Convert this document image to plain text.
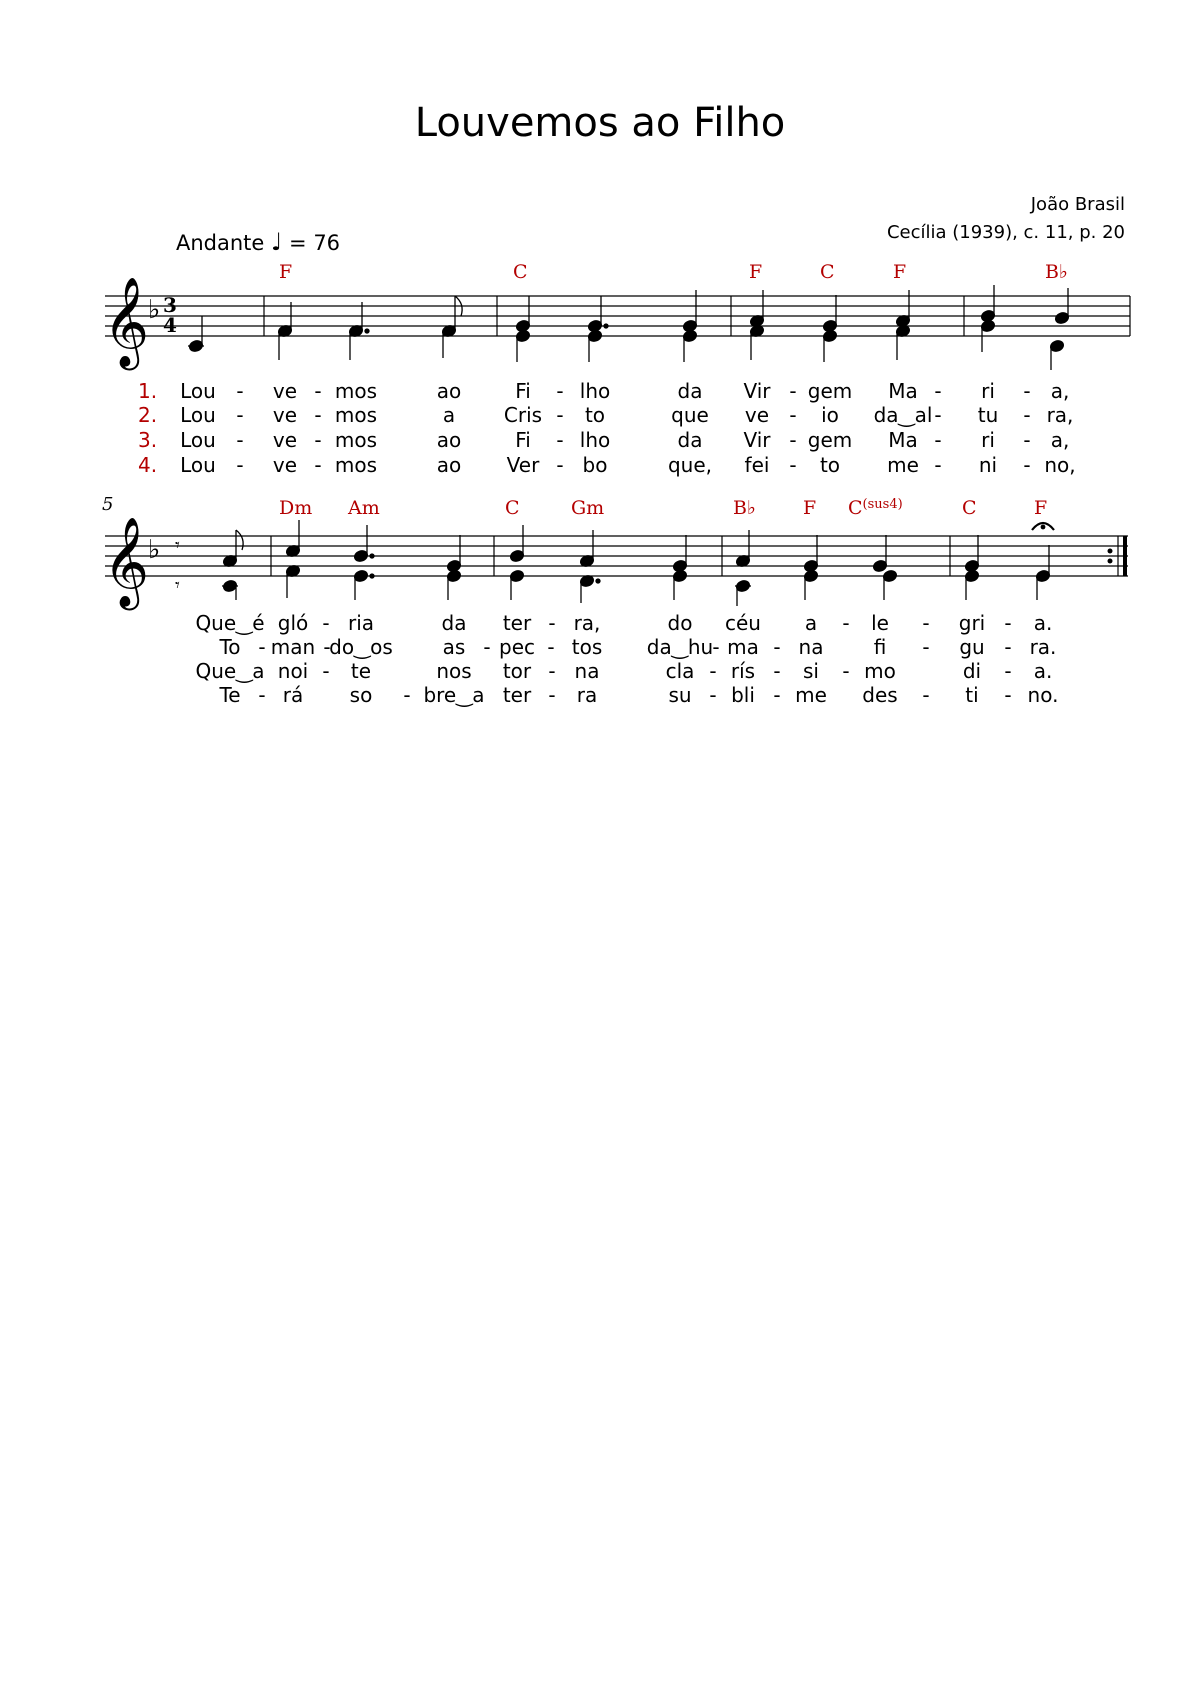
Louvemos ao Filho
João Brasil
Cecília (1939), c. 11, p. 20
Andante ♩ = 76
𝄞
♭ 3
4
F	C	F	C	F	B♭
1.
2.
3.
4.
Lou - ve - mos	ao	Fi - lho	da Vir - gem Ma - ri - a,
Lou - ve - mos	a Cris - to	que ve - io da‿al - tu - ra,
Lou - ve - mos	ao	Fi - lho	da Vir - gem Ma - ri - a,
Lou - ve - mos	ao Ver - bo	que, fei - to me - ni - no,
5
𝄞
♭ 𝄾
𝄾
Dm Am	C	Gm	B♭ F $C^{(sus4)}$	C	F
Que‿é gló - ria	da ter - ra,	do céu a - le - gri - a.
To - man -
do‿os as - pec - tos da‿hu - ma - na	fi - gu - ra.
Que‿a noi - te	nos tor - na	cla - rís - si - mo	di - a.
Te - rá so - bre‿a ter - ra	su - bli - me des - ti - no.
